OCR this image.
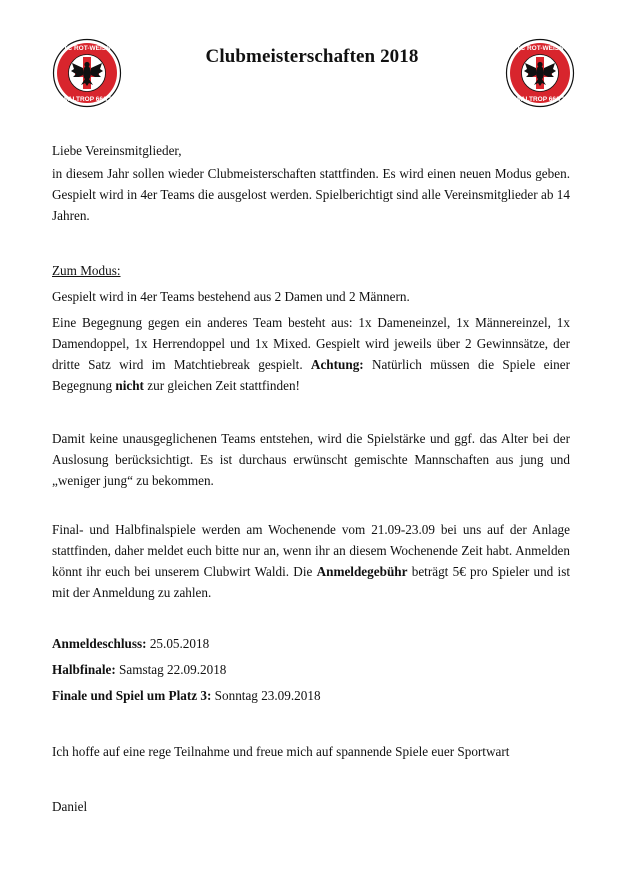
TC ROT-WEISS
WALTROP 66/72
TC ROT-WEISS
WALTROP 66/72
Clubmeisterschaften 2018

Liebe Vereinsmitglieder,

in diesem Jahr sollen wieder Clubmeisterschaften stattfinden. Es wird einen neuen Modus geben. Gespielt wird in 4er Teams die ausgelost werden. Spielberichtigt sind alle Vereinsmitglieder ab 14 Jahren.

Zum Modus:

Gespielt wird in 4er Teams bestehend aus 2 Damen und 2 Männern.

Eine Begegnung gegen ein anderes Team besteht aus: 1x Dameneinzel, 1x Männereinzel, 1x Damendoppel, 1x Herrendoppel und 1x Mixed. Gespielt wird jeweils über 2 Gewinnsätze, der dritte Satz wird im Matchtiebreak gespielt. Achtung: Natürlich müssen die Spiele einer Begegnung nicht zur gleichen Zeit stattfinden!

Damit keine unausgeglichenen Teams entstehen, wird die Spielstärke und ggf. das Alter bei der Auslosung berücksichtigt. Es ist durchaus erwünscht gemischte Mannschaften aus jung und „weniger jung“ zu bekommen.

Final- und Halbfinalspiele werden am Wochenende vom 21.09-23.09 bei uns auf der Anlage stattfinden, daher meldet euch bitte nur an, wenn ihr an diesem Wochenende Zeit habt. Anmelden könnt ihr euch bei unserem Clubwirt Waldi. Die Anmeldegebühr beträgt 5€ pro Spieler und ist mit der Anmeldung zu zahlen.

Anmeldeschluss: 25.05.2018

Halbfinale: Samstag 22.09.2018

Finale und Spiel um Platz 3: Sonntag 23.09.2018

Ich hoffe auf eine rege Teilnahme und freue mich auf spannende Spiele euer Sportwart

Daniel
